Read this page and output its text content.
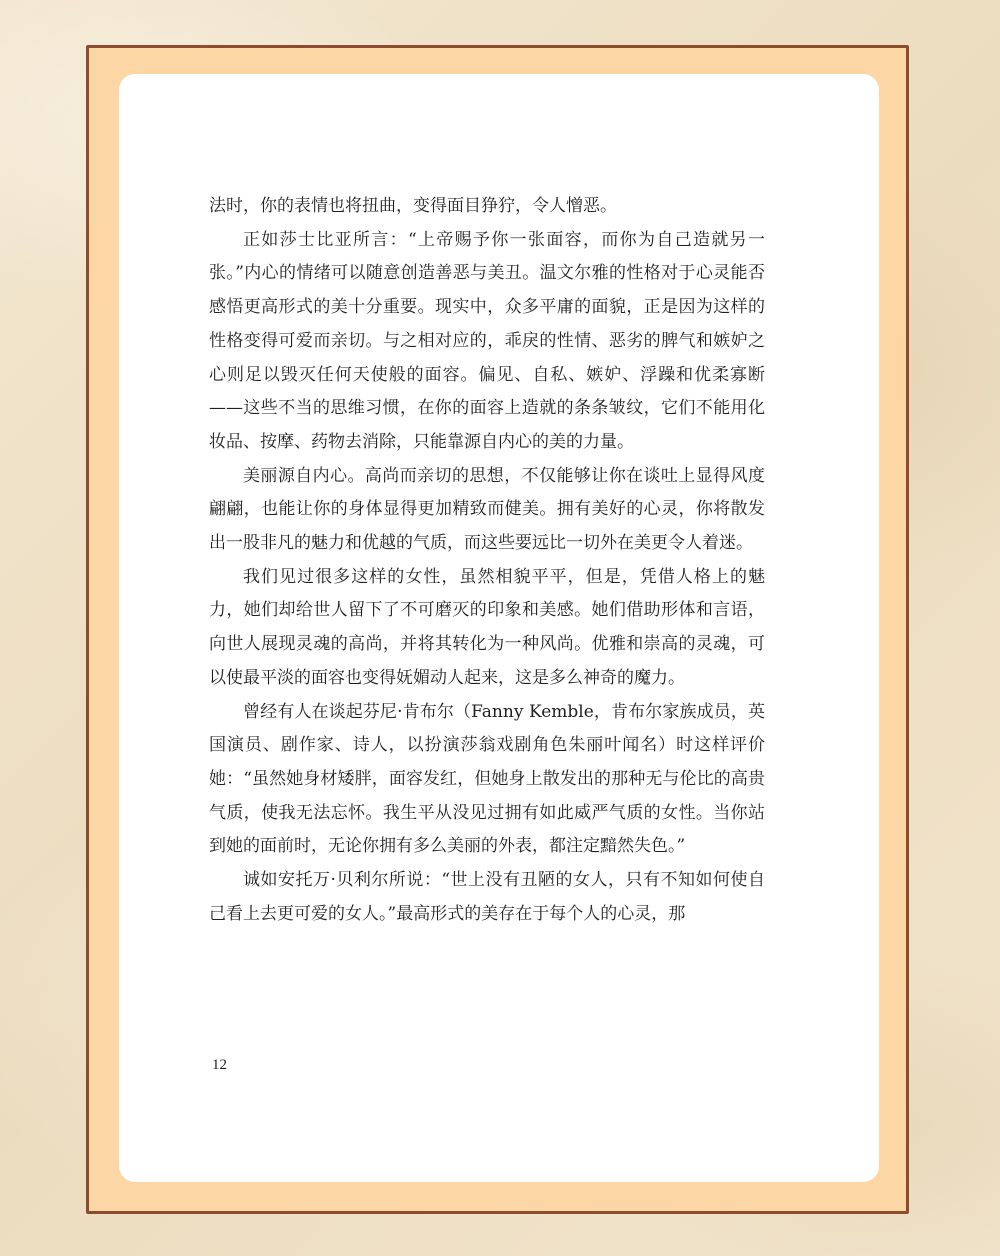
法时，你的表情也将扭曲，变得面目狰狞，令人憎恶。

正如莎士比亚所言：“上帝赐予你一张面容，而你为自己造就另一张。”内心的情绪可以随意创造善恶与美丑。温文尔雅的性格对于心灵能否感悟更高形式的美十分重要。现实中，众多平庸的面貌，正是因为这样的性格变得可爱而亲切。与之相对应的，乖戾的性情、恶劣的脾气和嫉妒之心则足以毁灭任何天使般的面容。偏见、自私、嫉妒、浮躁和优柔寡断——这些不当的思维习惯，在你的面容上造就的条条皱纹，它们不能用化妆品、按摩、药物去消除，只能靠源自内心的美的力量。

美丽源自内心。高尚而亲切的思想，不仅能够让你在谈吐上显得风度翩翩，也能让你的身体显得更加精致而健美。拥有美好的心灵，你将散发出一股非凡的魅力和优越的气质，而这些要远比一切外在美更令人着迷。

我们见过很多这样的女性，虽然相貌平平，但是，凭借人格上的魅力，她们却给世人留下了不可磨灭的印象和美感。她们借助形体和言语，向世人展现灵魂的高尚，并将其转化为一种风尚。优雅和崇高的灵魂，可以使最平淡的面容也变得妩媚动人起来，这是多么神奇的魔力。

曾经有人在谈起芬尼·肯布尔（Fanny Kemble，肯布尔家族成员，英国演员、剧作家、诗人，以扮演莎翁戏剧角色朱丽叶闻名）时这样评价她：“虽然她身材矮胖，面容发红，但她身上散发出的那种无与伦比的高贵气质，使我无法忘怀。我生平从没见过拥有如此威严气质的女性。当你站到她的面前时，无论你拥有多么美丽的外表，都注定黯然失色。”

诚如安托万·贝利尔所说：“世上没有丑陋的女人，只有不知如何使自己看上去更可爱的女人。”最高形式的美存在于每个人的心灵，那

12
